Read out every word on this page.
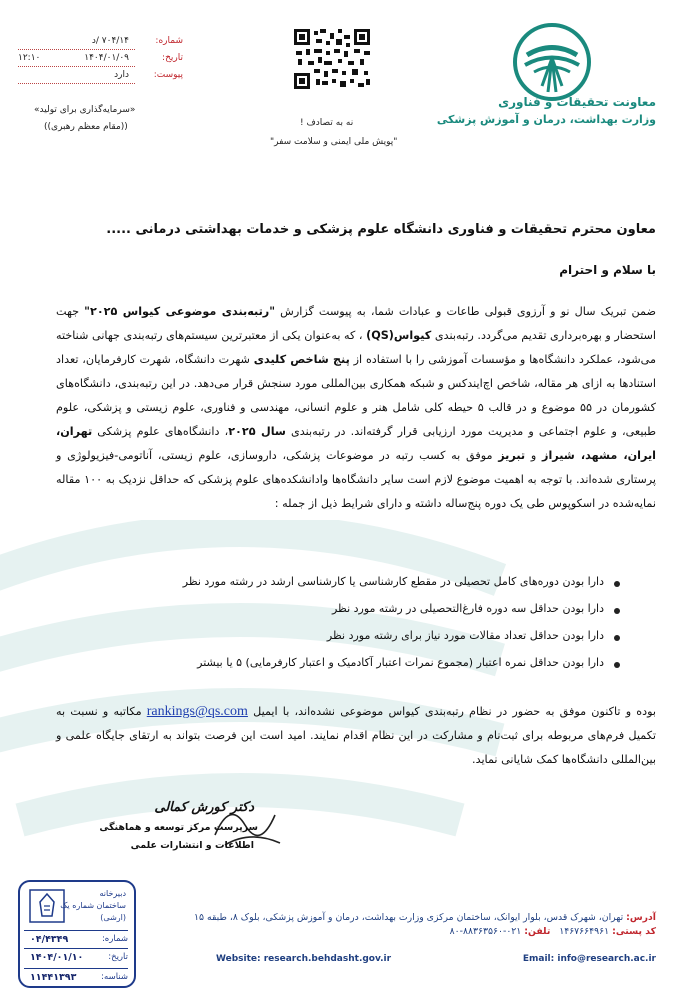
معاونت تحقیقات و فناوری
وزارت بهداشت، درمان و آموزش پزشکی
نه به تصادف !
"پویش ملی ایمنی و سلامت سفر"
شماره:
۷۰۴/۱۴ /د
تاریخ:
۱۴۰۴/۰۱/۰۹
۱۲:۱۰
پیوست:
دارد
«سرمایه‌گذاری برای تولید»
((مقام معظم رهبری))
معاون محترم تحقیقات و فناوری دانشگاه علوم پزشکی و خدمات بهداشتی درمانی .....
با سلام و احترام
ضمن تبریک سال نو و آرزوی قبولی طاعات و عبادات شما، به پیوست گزارش "رتبه‌بندی موضوعی کیواس ۲۰۲۵" جهت استحضار و بهره‌برداری تقدیم می‌گردد. رتبه‌بندی کیواس(QS) ، که به‌عنوان یکی از معتبرترین سیستم‌های رتبه‌بندی جهانی شناخته می‌شود، عملکرد دانشگاه‌ها و مؤسسات آموزشی را با استفاده از پنج شاخص کلیدی شهرت دانشگاه، شهرت کارفرمایان، تعداد استنادها به ازای هر مقاله، شاخص اچ‌ایندکس و شبکه همکاری بین‌المللی مورد سنجش قرار می‌دهد. در این رتبه‌بندی، دانشگاه‌های کشورمان در ۵۵ موضوع و در قالب ۵ حیطه کلی شامل هنر و علوم انسانی، مهندسی و فناوری، علوم زیستی و پزشکی، علوم طبیعی، و علوم اجتماعی و مدیریت مورد ارزیابی قرار گرفته‌اند. در رتبه‌بندی سال ۲۰۲۵، دانشگاه‌های علوم پزشکی تهران، ایران، مشهد، شیراز و تبریز موفق به کسب رتبه در موضوعات پزشکی، داروسازی، علوم زیستی، آناتومی-فیزیولوژی و پرستاری شده‌اند. با توجه به اهمیت موضوع لازم است سایر دانشگاه‌ها وادانشکده‌های علوم پزشکی که حداقل نزدیک به ۱۰۰ مقاله نمایه‌شده در اسکوپوس طی یک دوره پنج‌ساله داشته و دارای شرایط ذیل از جمله :
دارا بودن دوره‌های کامل تحصیلی در مقطع کارشناسی یا کارشناسی ارشد در رشته مورد نظر
دارا بودن حداقل سه دوره فارغ‌التحصیلی در رشته مورد نظر
دارا بودن حداقل تعداد مقالات مورد نیاز برای رشته مورد نظر
دارا بودن حداقل نمره اعتبار (مجموع نمرات اعتبار آکادمیک و اعتبار کارفرمایی) ۵ یا بیشتر
بوده و تاکنون موفق به حضور در نظام رتبه‌بندی کیواس موضوعی نشده‌اند، با ایمیل rankings@qs.com مکاتبه و نسبت به تکمیل فرم‌های مربوطه برای ثبت‌نام و مشارکت در این نظام اقدام نمایند. امید است این فرصت بتواند به ارتقای جایگاه علمی و بین‌المللی دانشگاه‌ها کمک شایانی نماید.
دکتر کورش کمالی
سرپرست مرکز توسعه و هماهنگی
اطلاعات و انتشارات علمی
دبیرخانه
ساختمان شماره یک
(ارشی)
شماره:
۰۴/۴۳۴۹
تاریخ:
۱۴۰۴/۰۱/۱۰
شناسه:
۱۱۴۴۱۳۹۳
آدرس: تهران، شهرک قدس، بلوار ایوانک، ساختمان مرکزی وزارت بهداشت، درمان و آموزش پزشکی، بلوک ۸، طبقه ۱۵
کد پستی: ۱۴۶۷۶۶۴۹۶۱   تلفن: ۰۲۱-۸۸۳۶۳۵۶۰-۸۰
Website: research.behdasht.gov.ir	Email: info@research.ac.ir
